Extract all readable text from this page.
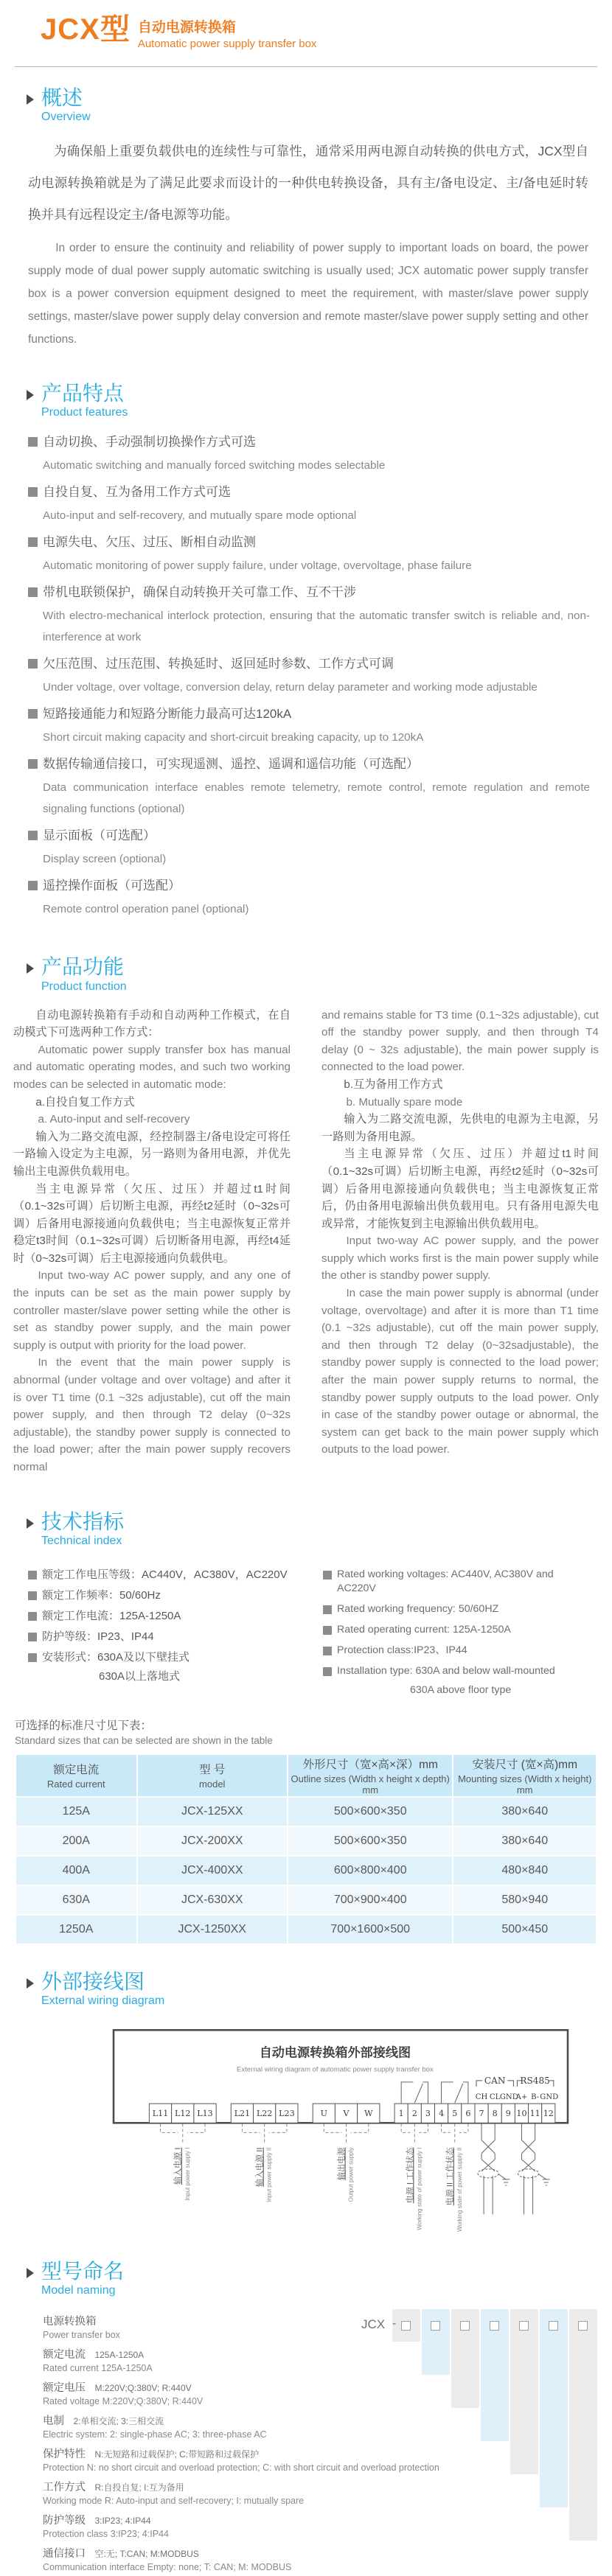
JCX型 自动电源转换箱
Automatic power supply transfer box
概述
Overview

为确保船上重要负载供电的连续性与可靠性，通常采用两电源自动转换的供电方式，JCX型自动电源转换箱就是为了满足此要求而设计的一种供电转换设备，具有主/备电设定、主/备电延时转换并具有远程设定主/备电源等功能。

In order to ensure the continuity and reliability of power supply to important loads on board, the power supply mode of dual power supply automatic switching is usually used; JCX automatic power supply transfer box is a power conversion equipment designed to meet the requirement, with master/slave power supply settings, master/slave power supply delay conversion and remote master/slave power supply setting and other functions.

产品特点
Product features
自动切换、手动强制切换操作方式可选
Automatic switching and manually forced switching modes selectable
自投自复、互为备用工作方式可选
Auto-input and self-recovery, and mutually spare mode optional
电源失电、欠压、过压、断相自动监测
Automatic monitoring of power supply failure, under voltage, overvoltage, phase failure
带机电联锁保护，确保自动转换开关可靠工作、互不干涉
With electro-mechanical interlock protection, ensuring that the automatic transfer switch is reliable and, non-interference at work
欠压范围、过压范围、转换延时、返回延时参数、工作方式可调
Under voltage, over voltage, conversion delay, return delay parameter and working mode adjustable
短路接通能力和短路分断能力最高可达120kA
Short circuit making capacity and short-circuit breaking capacity, up to 120kA
数据传输通信接口，可实现遥测、遥控、遥调和遥信功能（可选配）
Data communication interface enables remote telemetry, remote control, remote regulation and remote signaling functions (optional)
显示面板（可选配）
Display screen (optional)
遥控操作面板（可选配）
Remote control operation panel (optional)
产品功能
Product function

自动电源转换箱有手动和自动两种工作模式，在自动模式下可选两种工作方式：

Automatic power supply transfer box has manual and automatic operating modes, and such two working modes can be selected in automatic mode:

a.自投自复工作方式

a. Auto-input and self-recovery

输入为二路交流电源，经控制器主/备电设定可将任一路输入设定为主电源，另一路则为备用电源，并优先输出主电源供负载用电。

当主电源异常（欠压、过压）并超过t1时间（0.1~32s可调）后切断主电源，再经t2延时（0~32s可调）后备用电源接通向负载供电；当主电源恢复正常并稳定t3时间（0.1~32s可调）后切断备用电源，再经t4延时（0~32s可调）后主电源接通向负载供电。

Input two-way AC power supply, and any one of the inputs can be set as the main power supply by controller master/slave power setting while the other is set as standby power supply, and the main power supply is output with priority for the load power.

In the event that the main power supply is abnormal (under voltage and over voltage) and after it is over T1 time (0.1 ~32s adjustable), cut off the main power supply, and then through T2 delay (0~32s adjustable), the standby power supply is connected to the load power; after the main power supply recovers normal

and remains stable for T3 time (0.1~32s adjustable), cut off the standby power supply, and then through T4 delay (0 ~ 32s adjustable), the main power supply is connected to the load power.

b.互为备用工作方式

b. Mutually spare mode

输入为二路交流电源，先供电的电源为主电源，另一路则为备用电源。

当主电源异常（欠压、过压）并超过t1时间（0.1~32s可调）后切断主电源，再经t2延时（0~32s可调）后备用电源接通向负载供电；当主电源恢复正常后，仍由备用电源输出供负载用电。只有备用电源失电或异常，才能恢复到主电源输出供负载用电。

Input two-way AC power supply, and the power supply which works first is the main power supply while the other is standby power supply.

In case the main power supply is abnormal (under voltage, overvoltage) and after it is more than T1 time (0.1 ~32s adjustable), cut off the main power supply, and then through T2 delay (0~32sadjustable), the standby power supply is connected to the load power; after the main power supply returns to normal, the standby power supply outputs to the load power. Only in case of the standby power outage or abnormal, the system can get back to the main power supply which outputs to the load power.

技术指标
Technical index
额定工作电压等级：AC440V，AC380V，AC220V
额定工作频率：50/60Hz
额定工作电流：125A-1250A
防护等级：IP23、IP44
安装形式：630A及以下壁挂式
630A以上落地式
Rated working voltages: AC440V, AC380V and AC220V
Rated working frequency: 50/60HZ
Rated operating current: 125A-1250A
Protection class:IP23、IP44
Installation type: 630A and below wall-mounted
630A above floor type
可选择的标准尺寸见下表：
Standard sizes that can be selected are shown in the table
额定电流
Rated current	型 号
model	外形尺寸（宽×高×深）mm
Outline sizes (Width x height x depth) mm	安装尺寸 (宽×高)mm
Mounting sizes (Width x height) mm

125A	JCX-125XX	500×600×350	380×640
200A	JCX-200XX	500×600×350	380×640
400A	JCX-400XX	600×800×400	480×840
630A	JCX-630XX	700×900×400	580×940
1250A	JCX-1250XX	700×1600×500	500×450
外部接线图
External wiring diagram
自动电源转换箱外部接线图
External wiring diagram of automatic power supply transfer box
CAN RS485
CH CL GND
A+ B- GND
L11 L12 L13	L21 L22 L23	U V W	1 2 3 4 5 6 7 8 9 10 11 12
输入电源 I Input power supply I	输入电源 II Input power supply II	输出电源 Output power supply	电源 I 工作状态 Working state of power supply I	电源 II 工作状态 Working state of power supply II
型号命名
Model naming
电源转换箱
Power transfer box
额定电流 125A-1250A
Rated current 125A-1250A
额定电压 M:220V;Q:380V; R:440V
Rated voltage M:220V;Q:380V; R:440V
电制 2:单相交流; 3:三相交流
Electric system: 2: single-phase AC; 3: three-phase AC
保护特性 N:无短路和过载保护; C:带短路和过载保护
Protection N: no short circuit and overload protection; C: with short circuit and overload protection
工作方式 R:自投自复; I:互为备用
Working mode R: Auto-input and self-recovery; I: mutually spare
防护等级 3:IP23; 4:IP44
Protection class 3:IP23; 4:IP44
通信接口 空:无; T:CAN; M:MODBUS
Communication interface Empty: none; T: CAN; M: MODBUS
JCX -
